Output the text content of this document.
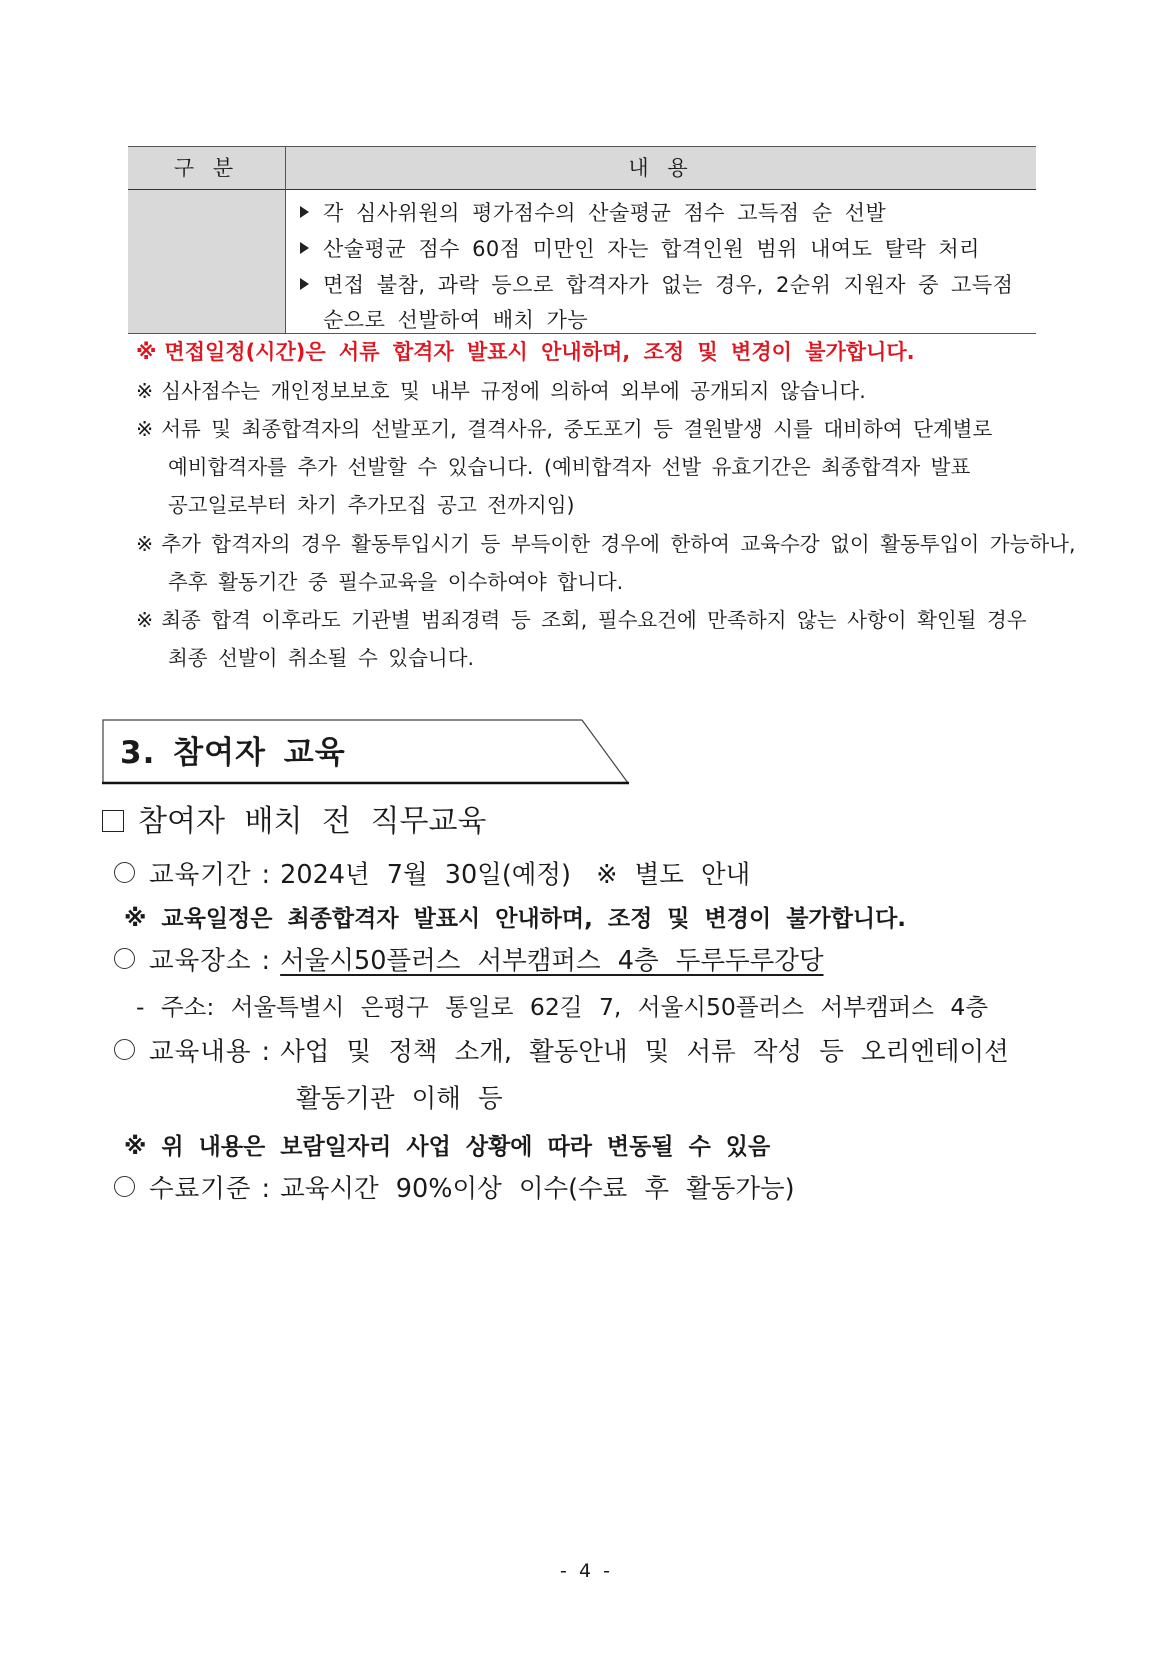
구 분	내 용
각 심사위원의 평가점수의 산술평균 점수 고득점 순 선발
산술평균 점수 60점 미만인 자는 합격인원 범위 내여도 탈락 처리
면접 불참, 과락 등으로 합격자가 없는 경우, 2순위 지원자 중 고득점
순으로 선발하여 배치 가능
※ 면접일정(시간)은 서류 합격자 발표시 안내하며, 조정 및 변경이 불가합니다.
※ 심사점수는 개인정보보호 및 내부 규정에 의하여 외부에 공개되지 않습니다.
※ 서류 및 최종합격자의 선발포기, 결격사유, 중도포기 등 결원발생 시를 대비하여 단계별로
예비합격자를 추가 선발할 수 있습니다. (예비합격자 선발 유효기간은 최종합격자 발표
공고일로부터 차기 추가모집 공고 전까지임)
※ 추가 합격자의 경우 활동투입시기 등 부득이한 경우에 한하여 교육수강 없이 활동투입이 가능하나,
추후 활동기간 중 필수교육을 이수하여야 합니다.
※ 최종 합격 이후라도 기관별 범죄경력 등 조회, 필수요건에 만족하지 않는 사항이 확인될 경우
최종 선발이 취소될 수 있습니다.
3. 참여자 교육
참여자 배치 전 직무교육
교육기간 : 2024년 7월 30일(예정) ※ 별도 안내
※ 교육일정은 최종합격자 발표시 안내하며, 조정 및 변경이 불가합니다.
교육장소 : 서울시50플러스 서부캠퍼스 4층 두루두루강당
- 주소: 서울특별시 은평구 통일로 62길 7, 서울시50플러스 서부캠퍼스 4층
교육내용 : 사업 및 정책 소개, 활동안내 및 서류 작성 등 오리엔테이션
활동기관 이해 등
※ 위 내용은 보람일자리 사업 상황에 따라 변동될 수 있음
수료기준 : 교육시간 90%이상 이수(수료 후 활동가능)
- 4 -
